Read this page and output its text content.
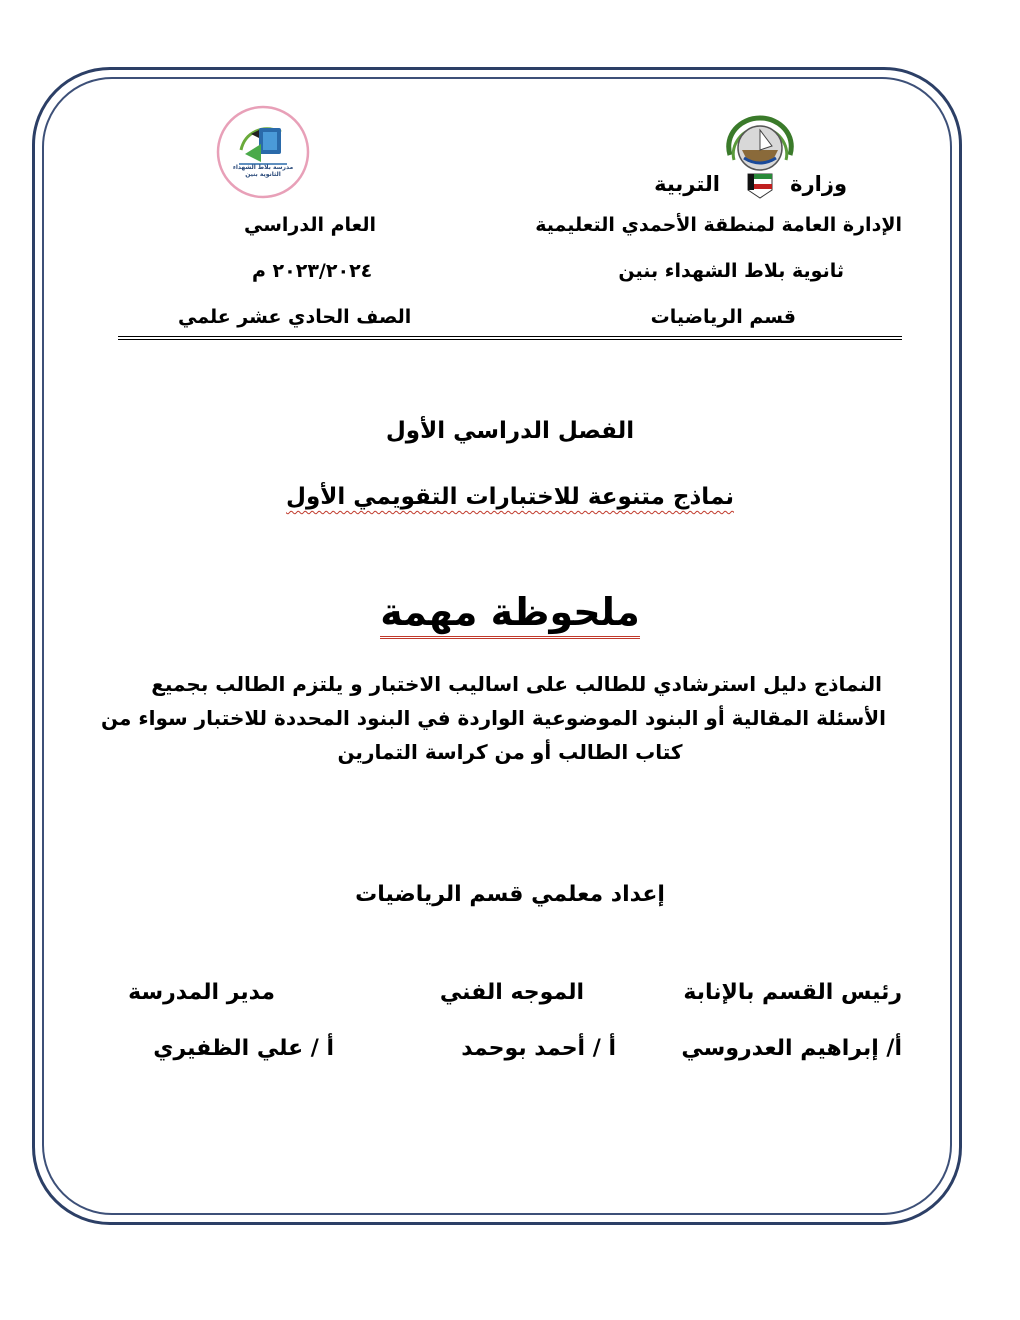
مدرسة بلاط الشهداء الثانوية بنين	وزارة
التربية
الإدارة العامة لمنطقة الأحمدي التعليمية
ثانوية بلاط الشهداء بنين
قسم الرياضيات
العام الدراسي
٢٠٢٣/٢٠٢٤ م
الصف الحادي عشر علمي
الفصل الدراسي الأول
نماذج متنوعة للاختبارات التقويمي الأول
ملحوظة مهمة
النماذج دليل استرشادي للطالب على اساليب الاختبار و يلتزم الطالب بجميع
الأسئلة المقالية أو البنود الموضوعية الواردة في البنود المحددة للاختبار سواء من
كتاب الطالب أو من كراسة التمارين
إعداد معلمي قسم الرياضيات
رئيس القسم بالإنابة
أ/ إبراهيم العدروسي
الموجه الفني
أ / أحمد بوحمد
مدير المدرسة
أ / علي الظفيري
